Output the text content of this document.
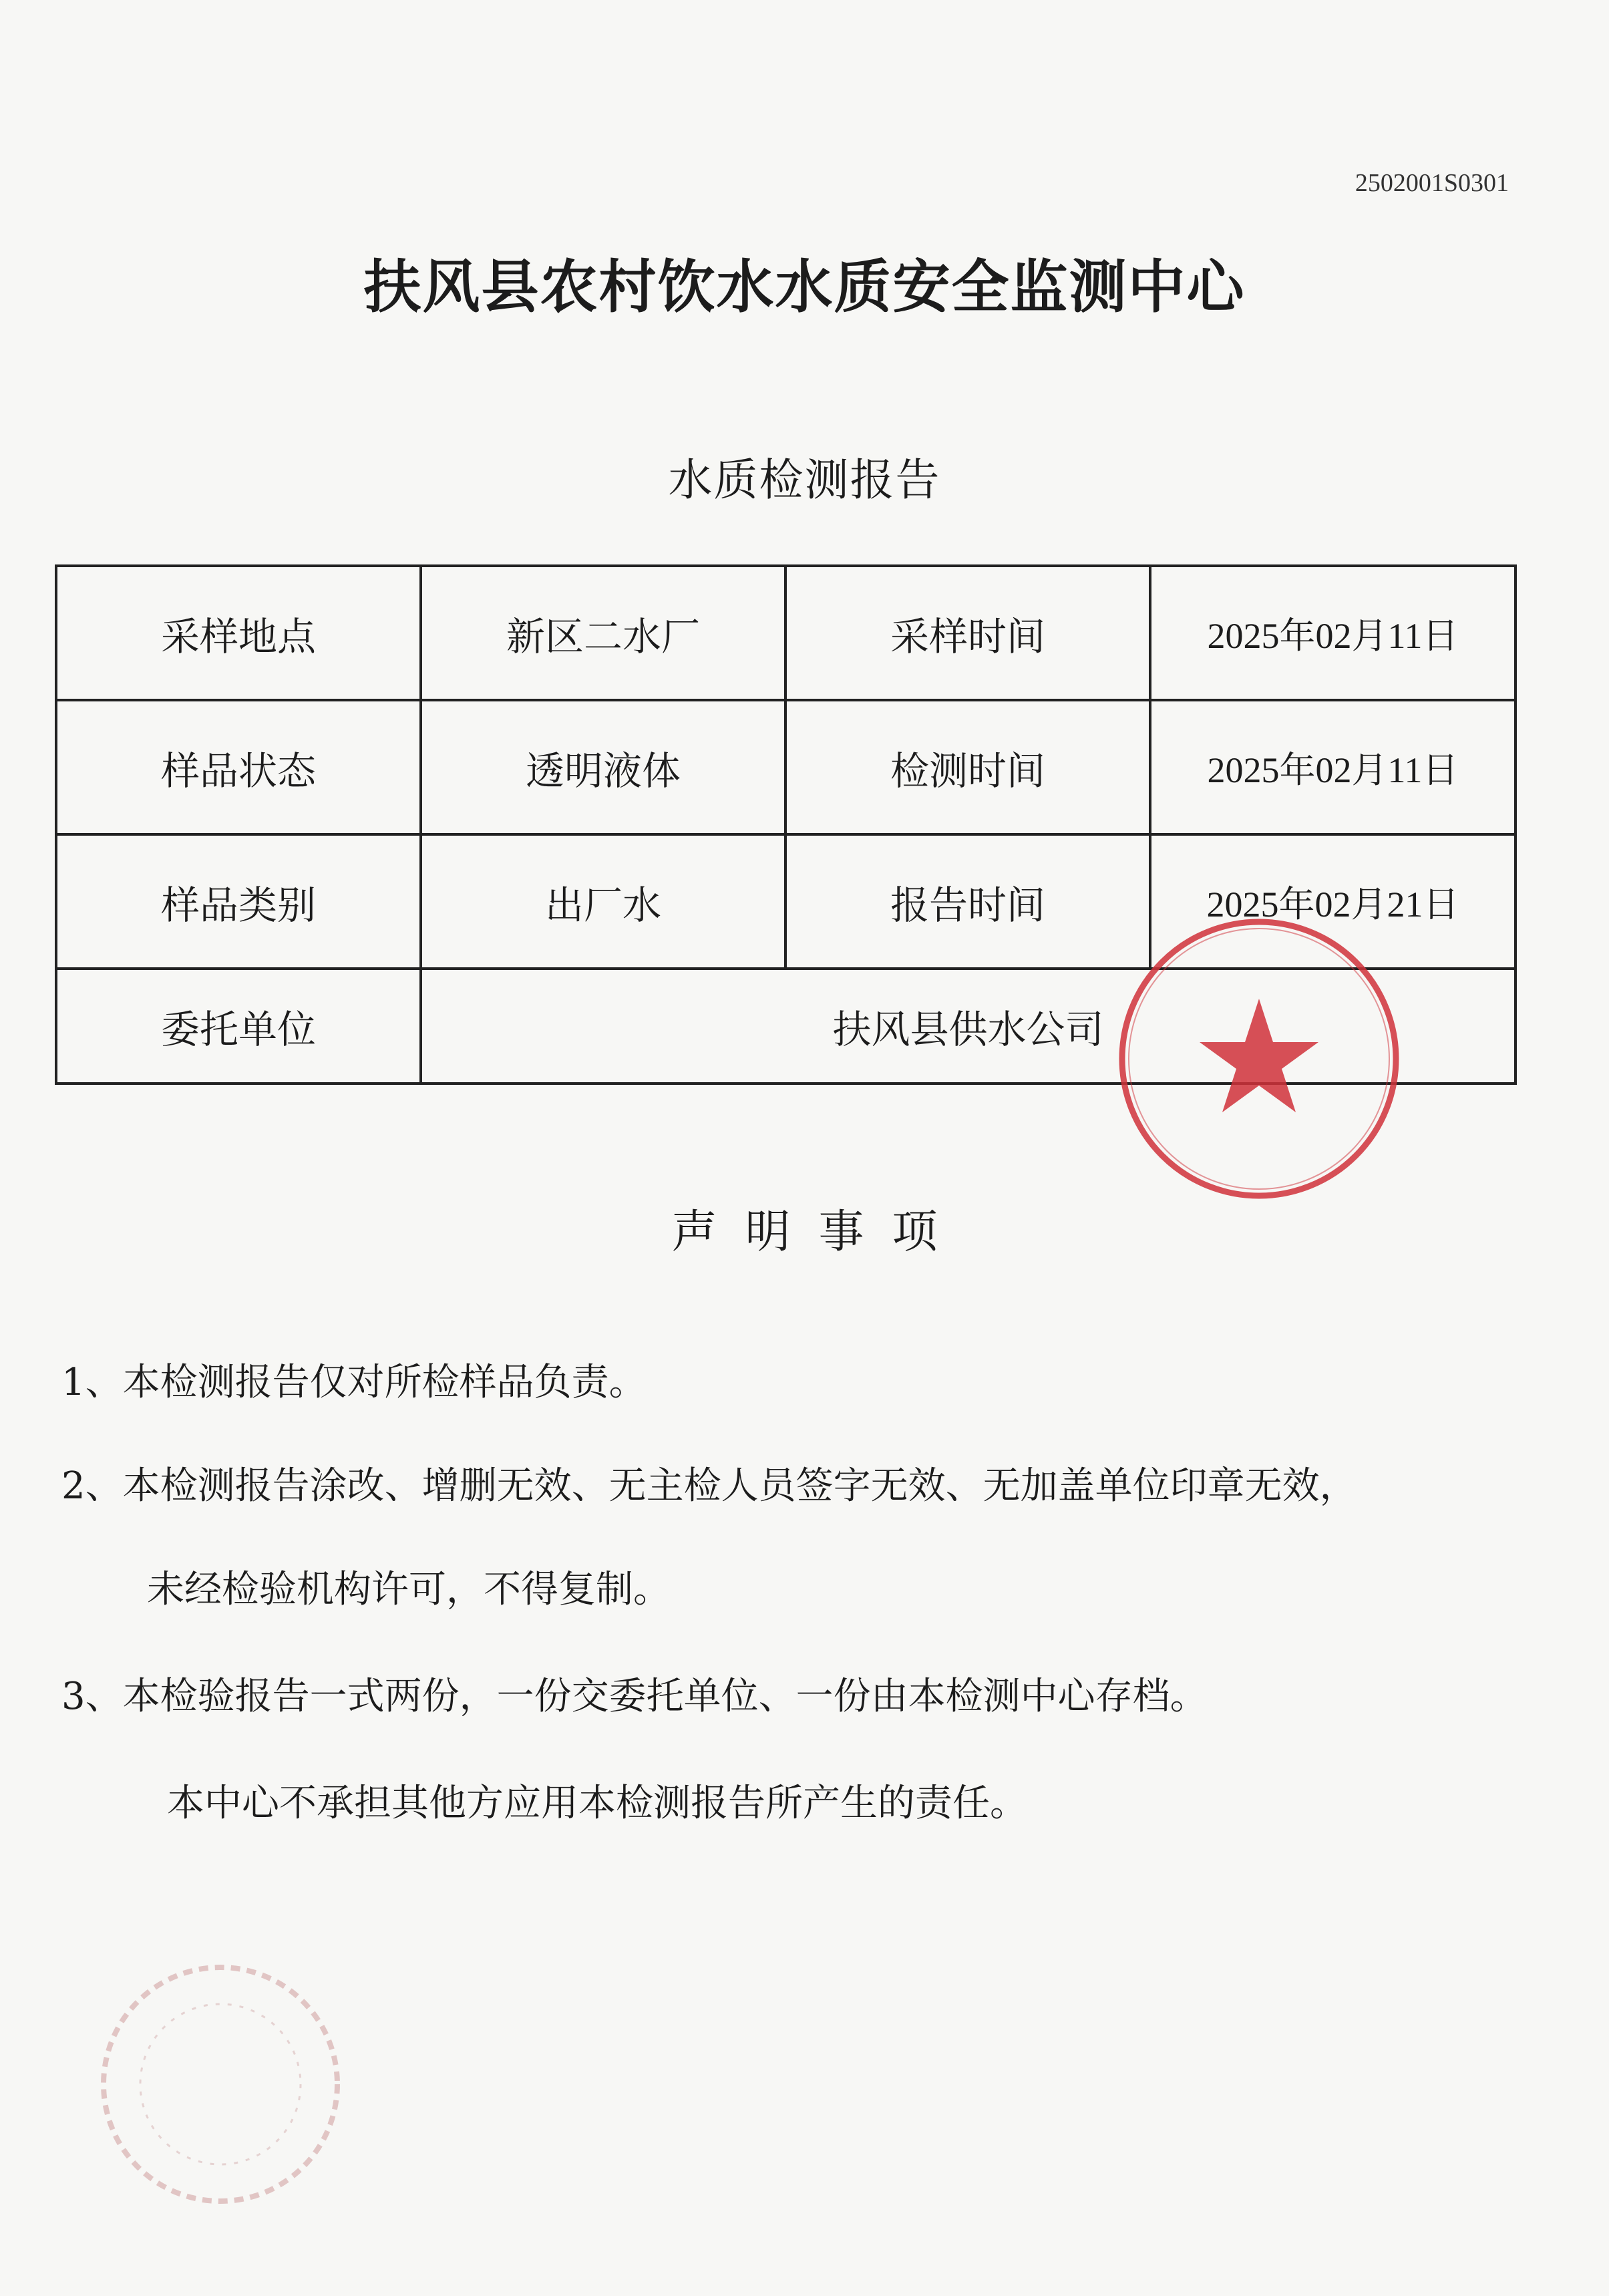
2502001S0301
扶风县农村饮水水质安全监测中心
水质检测报告
采样地点	新区二水厂	采样时间	2025年02月11日
样品状态	透明液体	检测时间	2025年02月11日
样品类别	出厂水	报告时间	2025年02月21日
委托单位	扶风县供水公司		
声明事项
1、本检测报告仅对所检样品负责。
2、本检测报告涂改、增删无效、无主检人员签字无效、无加盖单位印章无效，
未经检验机构许可，不得复制。
3、本检验报告一式两份，一份交委托单位、一份由本检测中心存档。
本中心不承担其他方应用本检测报告所产生的责任。
